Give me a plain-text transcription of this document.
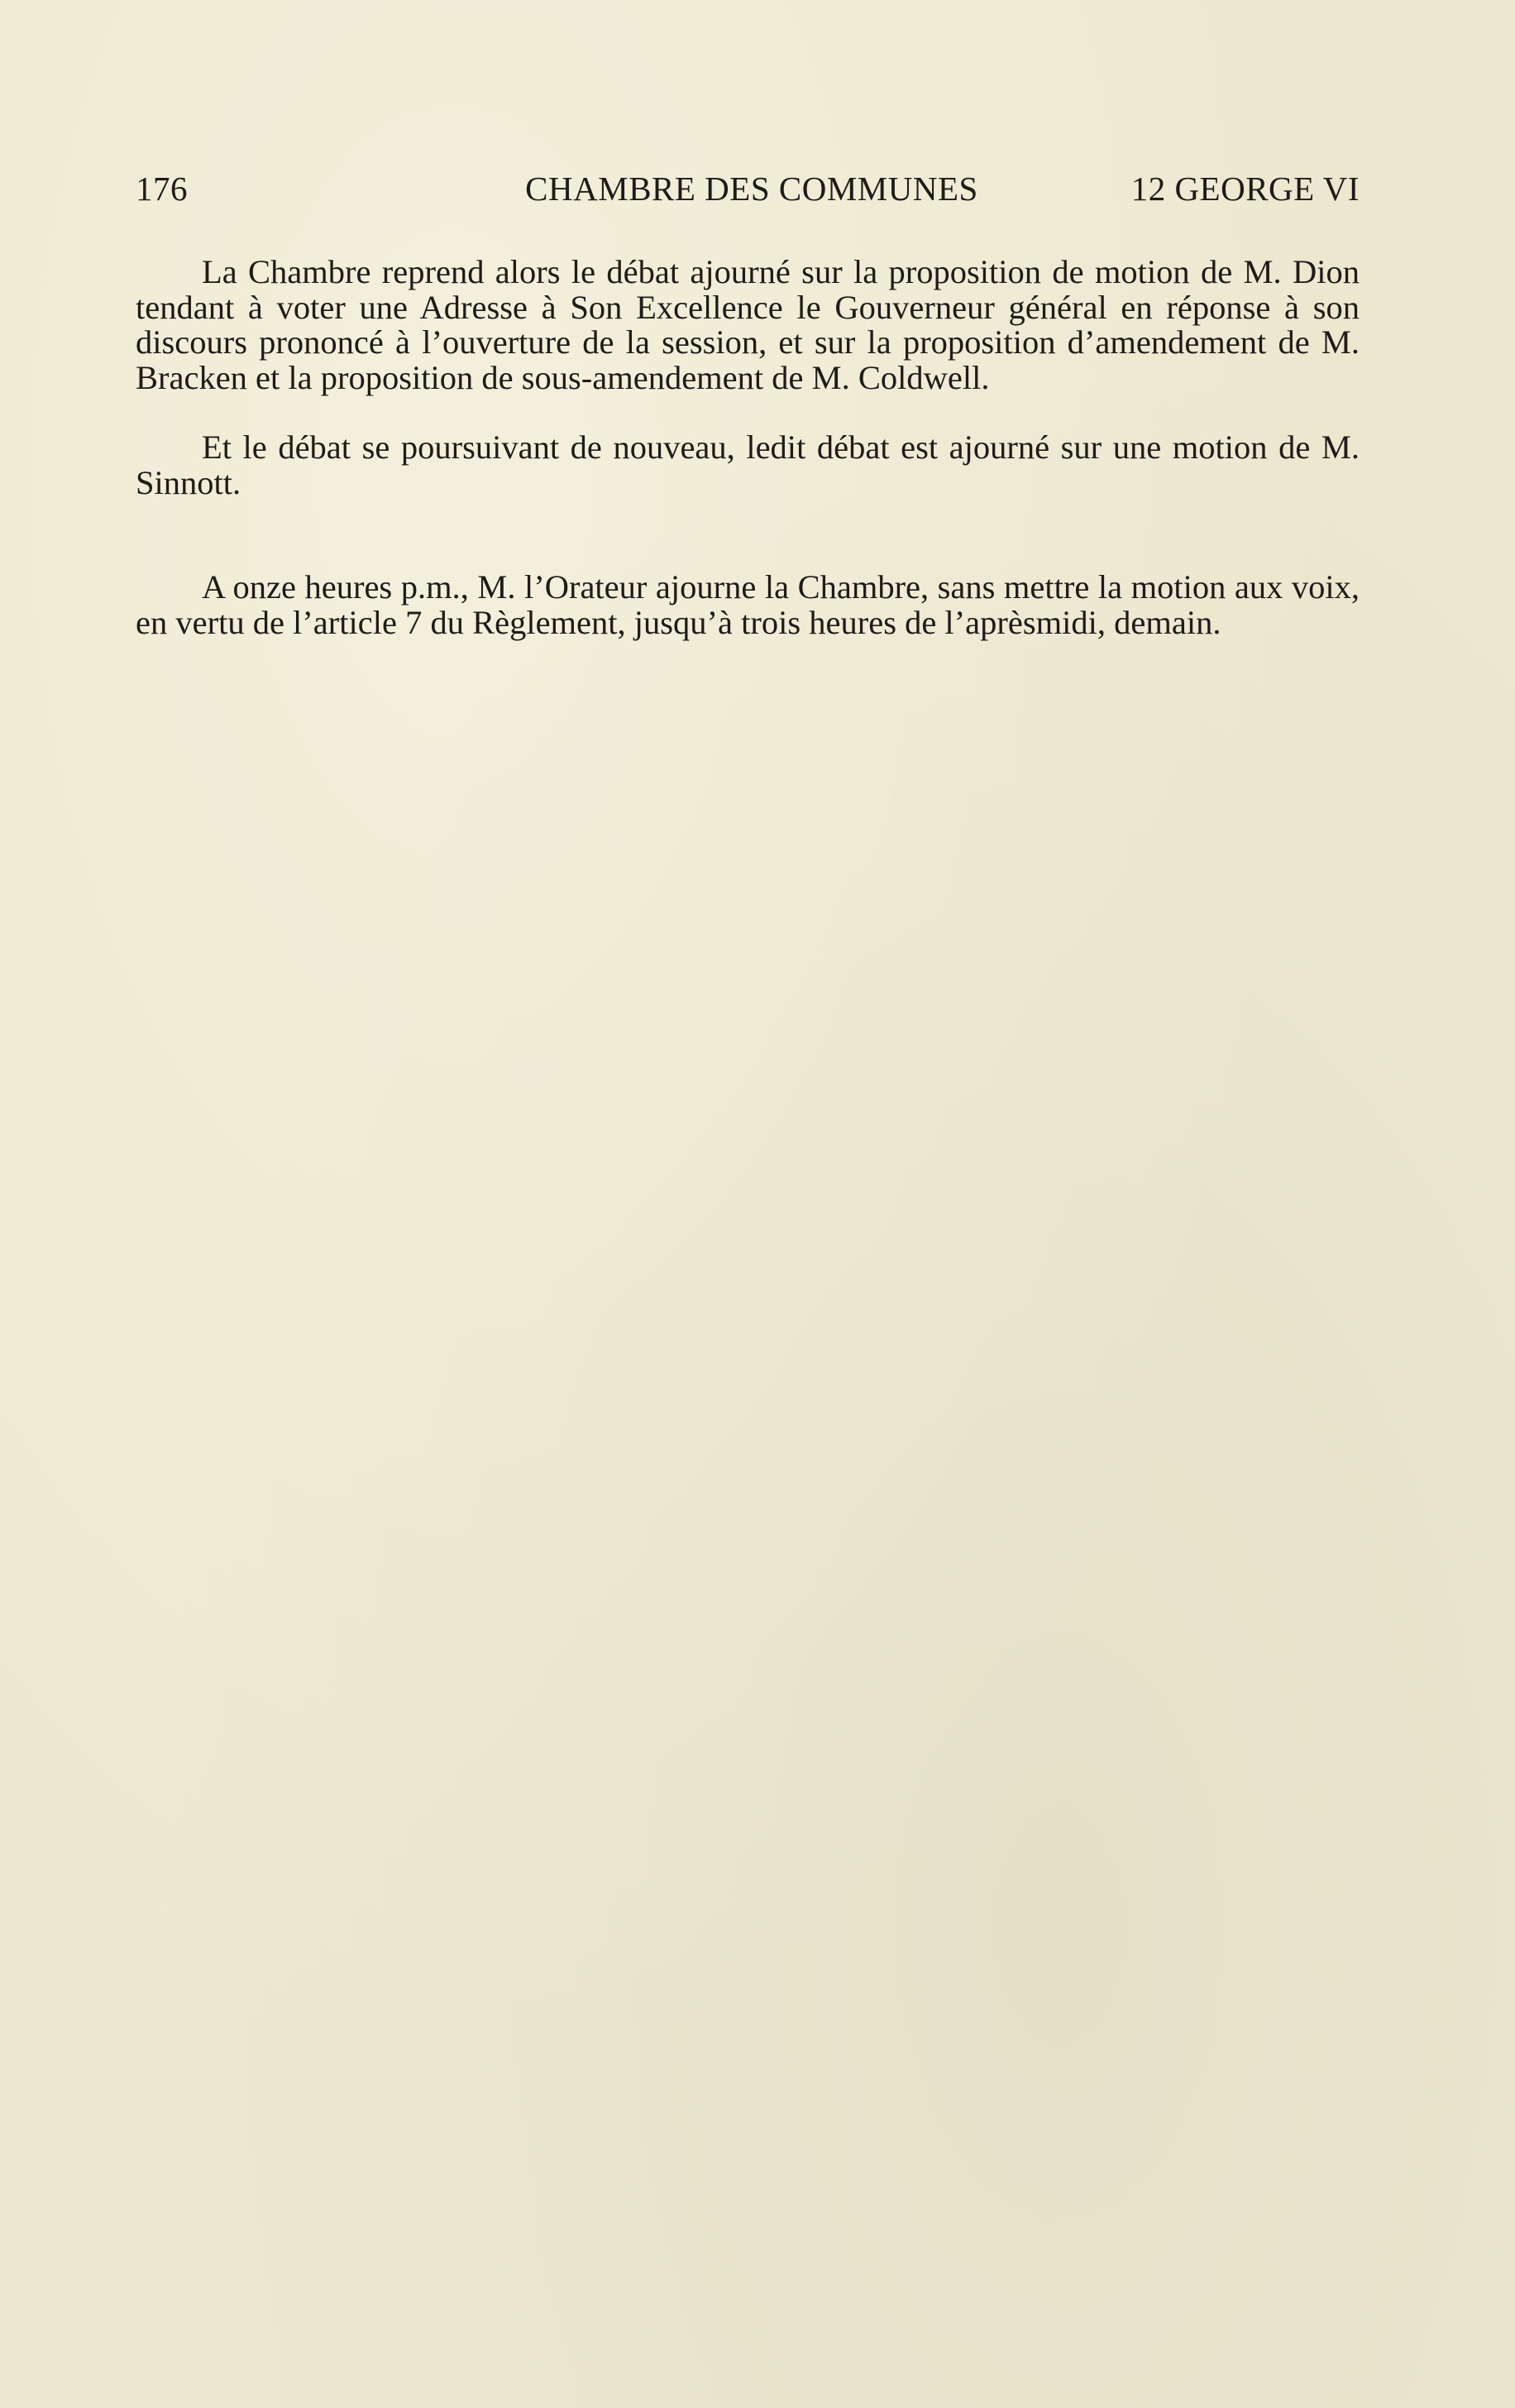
176	CHAMBRE DES COMMUNES	12 GEORGE VI

La Chambre reprend alors le débat ajourné sur la proposition de motion de M. Dion tendant à voter une Adresse à Son Excellence le Gouverneur général en réponse à son discours prononcé à l’ouverture de la session, et sur la proposition d’amendement de M. Bracken et la proposition de sous-amendement de M. Coldwell.

Et le débat se poursuivant de nouveau, ledit débat est ajourné sur une motion de M. Sinnott.

A onze heures p.m., M. l’Orateur ajourne la Chambre, sans mettre la motion aux voix, en vertu de l’article 7 du Règlement, jusqu’à trois heures de l’aprèsmidi, demain.
